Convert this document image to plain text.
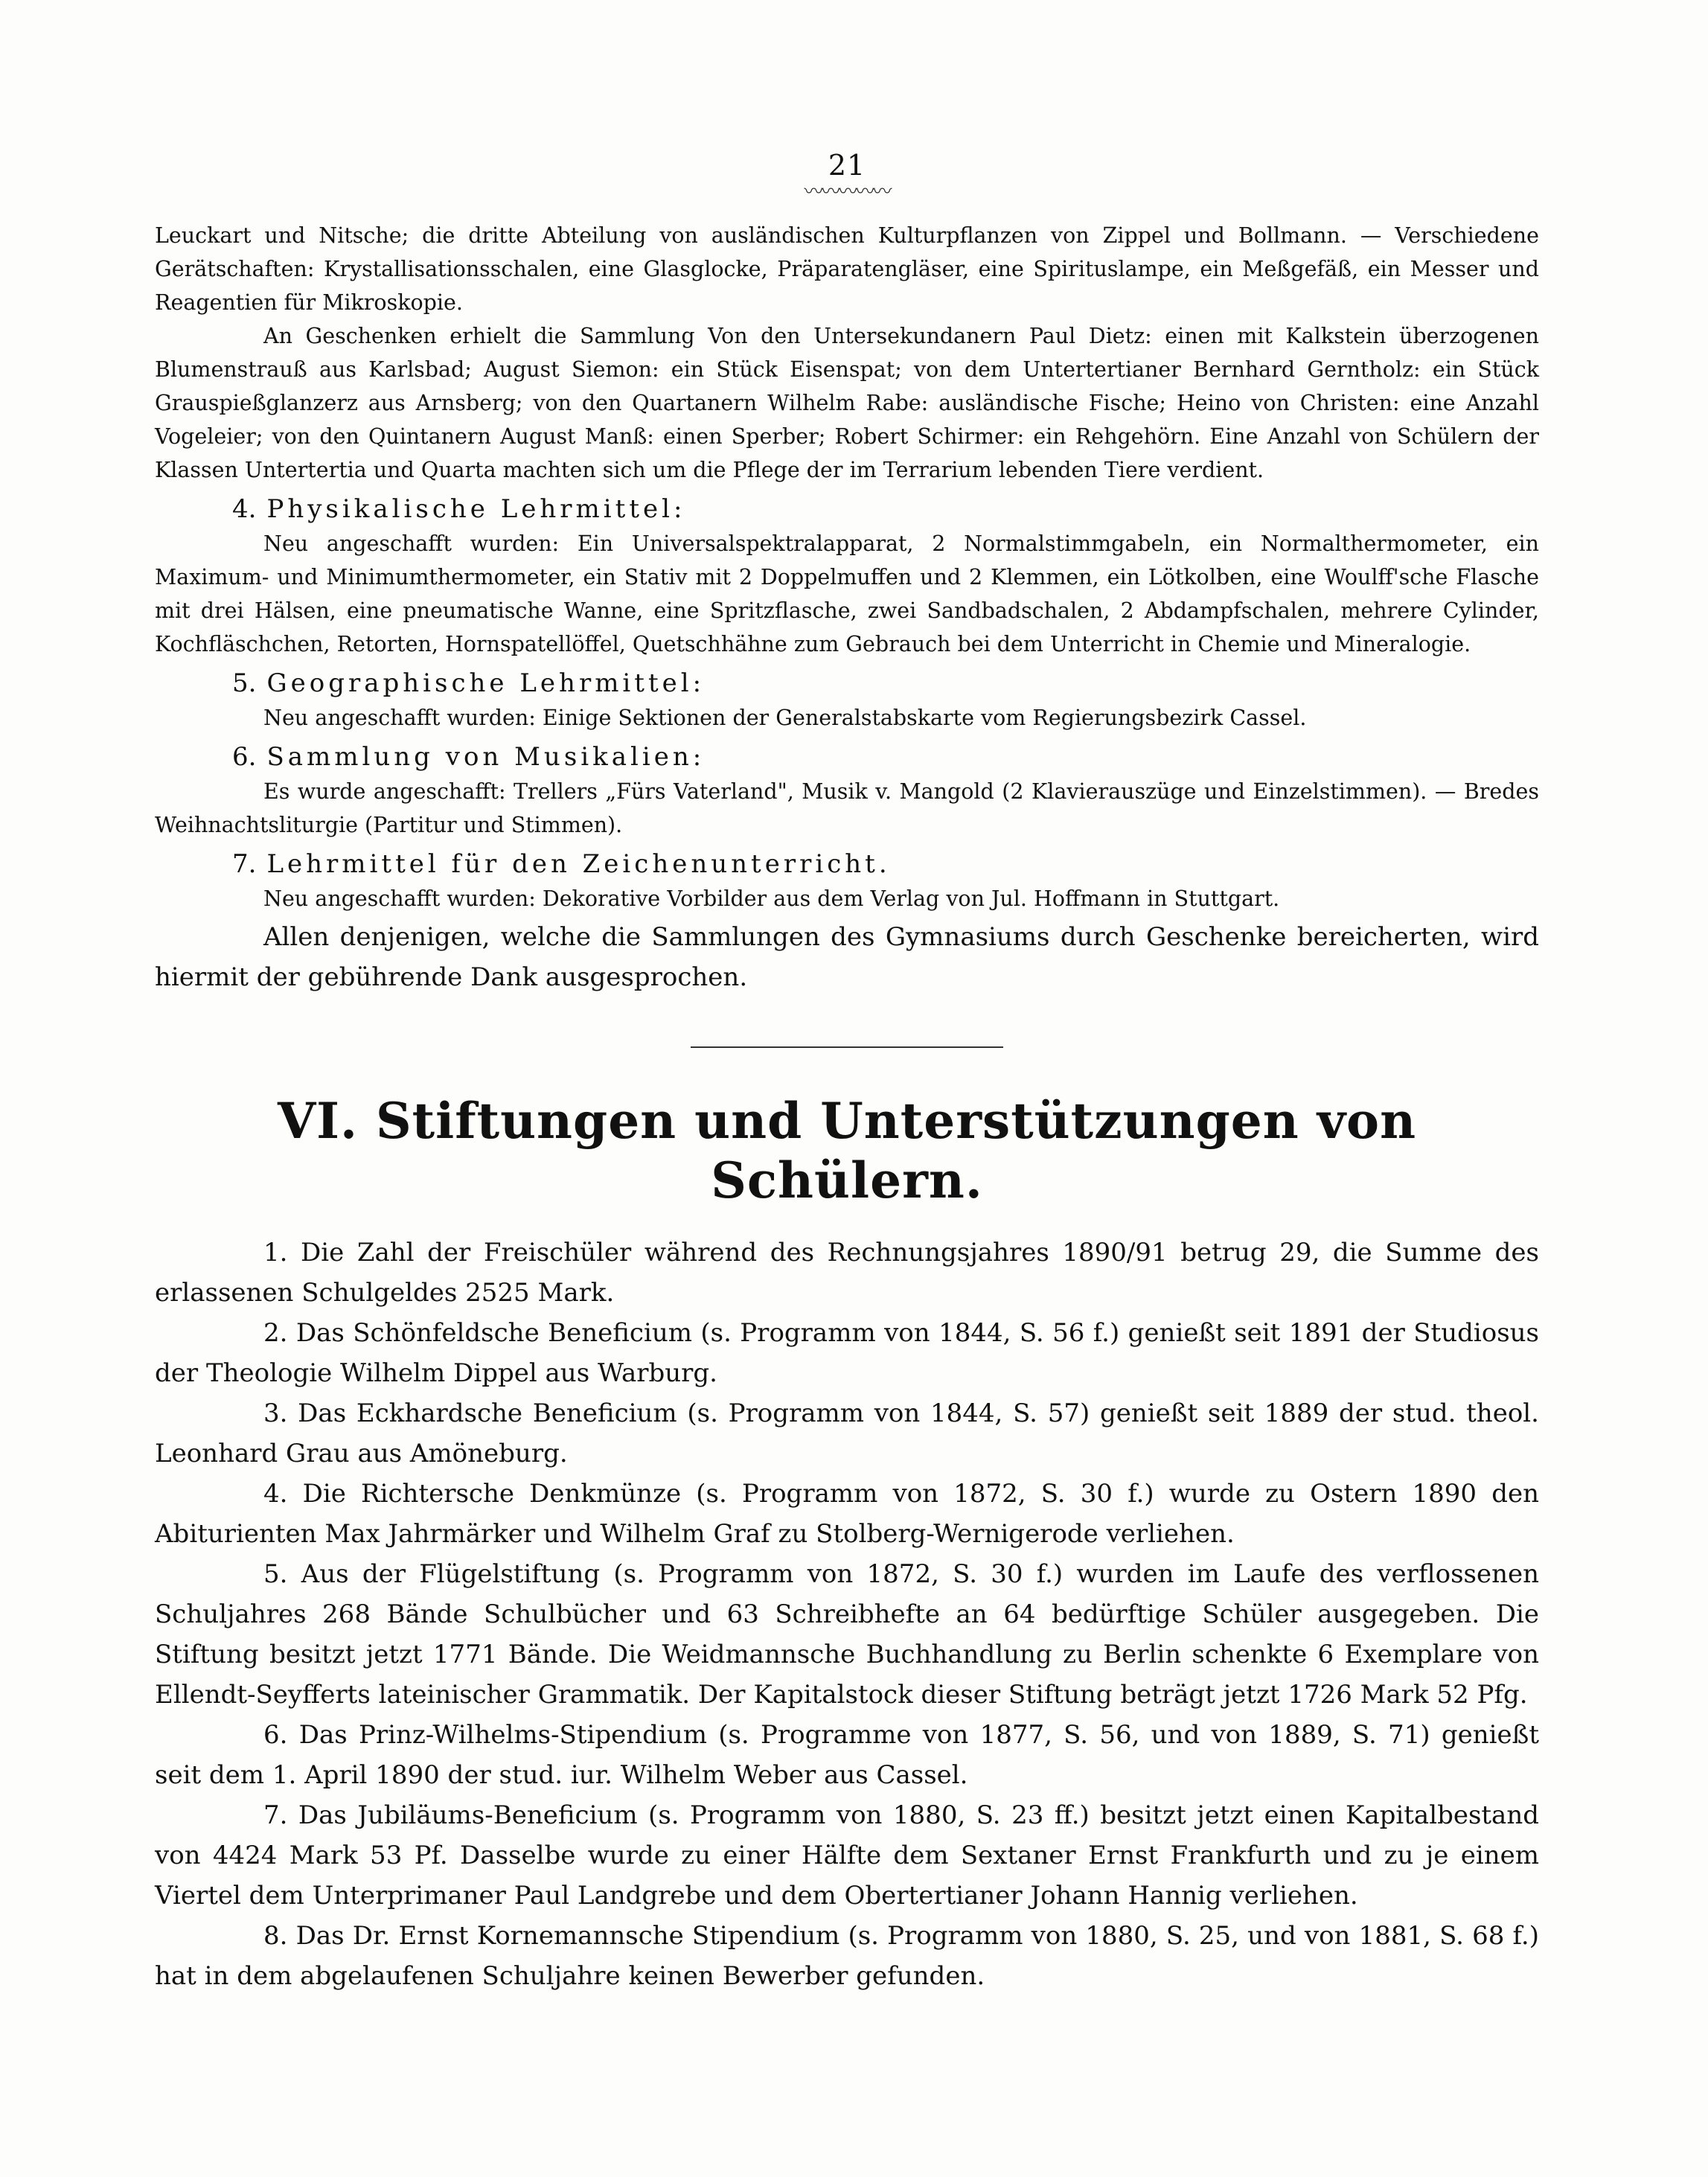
21
〰〰〰〰〰

Leuckart und Nitsche; die dritte Abteilung von ausländischen Kulturpflanzen von Zippel und Bollmann. — Verschiedene Gerätschaften: Krystallisationsschalen, eine Glasglocke, Präparatengläser, eine Spirituslampe, ein Meßgefäß, ein Messer und Reagentien für Mikroskopie.

An Geschenken erhielt die Sammlung Von den Untersekundanern Paul Dietz: einen mit Kalkstein überzogenen Blumenstrauß aus Karlsbad; August Siemon: ein Stück Eisenspat; von dem Untertertianer Bernhard Gerntholz: ein Stück Grauspießglanzerz aus Arnsberg; von den Quartanern Wilhelm Rabe: ausländische Fische; Heino von Christen: eine Anzahl Vogeleier; von den Quintanern August Manß: einen Sperber; Robert Schirmer: ein Rehgehörn. Eine Anzahl von Schülern der Klassen Untertertia und Quarta machten sich um die Pflege der im Terrarium lebenden Tiere verdient.

4. Physikalische Lehrmittel:

Neu angeschafft wurden: Ein Universalspektralapparat, 2 Normalstimmgabeln, ein Normalthermometer, ein Maximum- und Minimumthermometer, ein Stativ mit 2 Doppelmuffen und 2 Klemmen, ein Lötkolben, eine Woulff'sche Flasche mit drei Hälsen, eine pneumatische Wanne, eine Spritzflasche, zwei Sandbadschalen, 2 Abdampfschalen, mehrere Cylinder, Kochfläschchen, Retorten, Hornspatellöffel, Quetschhähne zum Gebrauch bei dem Unterricht in Chemie und Mineralogie.

5. Geographische Lehrmittel:

Neu angeschafft wurden: Einige Sektionen der Generalstabskarte vom Regierungsbezirk Cassel.

6. Sammlung von Musikalien:

Es wurde angeschafft: Trellers „Fürs Vaterland", Musik v. Mangold (2 Klavierauszüge und Einzelstimmen). — Bredes Weihnachtsliturgie (Partitur und Stimmen).

7. Lehrmittel für den Zeichenunterricht.

Neu angeschafft wurden: Dekorative Vorbilder aus dem Verlag von Jul. Hoffmann in Stuttgart.

Allen denjenigen, welche die Sammlungen des Gymnasiums durch Geschenke bereicherten, wird hiermit der gebührende Dank ausgesprochen.

VI. Stiftungen und Unterstützungen von Schülern.

1. Die Zahl der Freischüler während des Rechnungsjahres 1890/91 betrug 29, die Summe des erlassenen Schulgeldes 2525 Mark.

2. Das Schönfeldsche Beneficium (s. Programm von 1844, S. 56 f.) genießt seit 1891 der Studiosus der Theologie Wilhelm Dippel aus Warburg.

3. Das Eckhardsche Beneficium (s. Programm von 1844, S. 57) genießt seit 1889 der stud. theol. Leonhard Grau aus Amöneburg.

4. Die Richtersche Denkmünze (s. Programm von 1872, S. 30 f.) wurde zu Ostern 1890 den Abiturienten Max Jahrmärker und Wilhelm Graf zu Stolberg-Wernigerode verliehen.

5. Aus der Flügelstiftung (s. Programm von 1872, S. 30 f.) wurden im Laufe des verflossenen Schuljahres 268 Bände Schulbücher und 63 Schreibhefte an 64 bedürftige Schüler ausgegeben. Die Stiftung besitzt jetzt 1771 Bände. Die Weidmannsche Buchhandlung zu Berlin schenkte 6 Exemplare von Ellendt-Seyfferts lateinischer Grammatik. Der Kapitalstock dieser Stiftung beträgt jetzt 1726 Mark 52 Pfg.

6. Das Prinz-Wilhelms-Stipendium (s. Programme von 1877, S. 56, und von 1889, S. 71) genießt seit dem 1. April 1890 der stud. iur. Wilhelm Weber aus Cassel.

7. Das Jubiläums-Beneficium (s. Programm von 1880, S. 23 ff.) besitzt jetzt einen Kapitalbestand von 4424 Mark 53 Pf. Dasselbe wurde zu einer Hälfte dem Sextaner Ernst Frankfurth und zu je einem Viertel dem Unterprimaner Paul Landgrebe und dem Obertertianer Johann Hannig verliehen.

8. Das Dr. Ernst Kornemannsche Stipendium (s. Programm von 1880, S. 25, und von 1881, S. 68 f.) hat in dem abgelaufenen Schuljahre keinen Bewerber gefunden.
